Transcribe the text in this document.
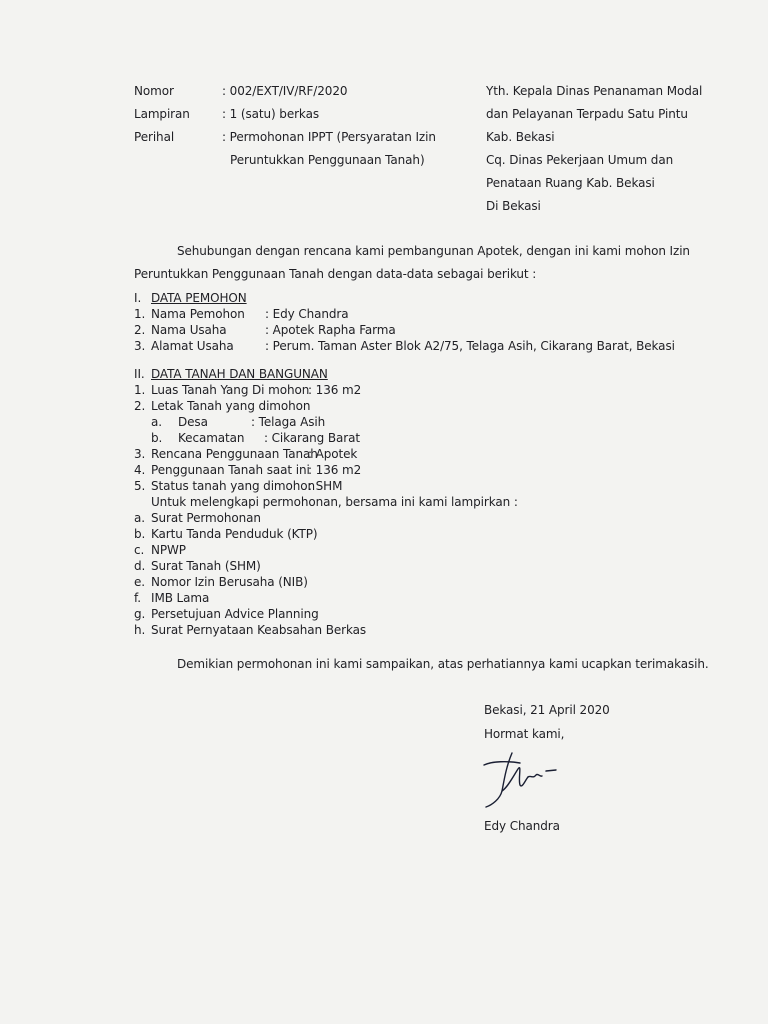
Nomor	: 002/EXT/IV/RF/2020
Lampiran	: 1 (satu) berkas
Perihal	: Permohonan IPPT (Persyaratan Izin
Peruntukkan Penggunaan Tanah)
Yth. Kepala Dinas Penanaman Modal
dan Pelayanan Terpadu Satu Pintu
Kab. Bekasi
Cq. Dinas Pekerjaan Umum dan
Penataan Ruang Kab. Bekasi
Di Bekasi
Sehubungan dengan rencana kami pembangunan Apotek, dengan ini kami mohon Izin
Peruntukkan Penggunaan Tanah dengan data-data sebagai berikut :
I. DATA PEMOHON
1. Nama Pemohon : Edy Chandra
2. Nama Usaha	: Apotek Rapha Farma
3. Alamat Usaha	: Perum. Taman Aster Blok A2/75, Telaga Asih, Cikarang Barat, Bekasi
II. DATA TANAH DAN BANGUNAN
1. Luas Tanah Yang Di mohon
: 136 m2
2. Letak Tanah yang dimohon
a. Desa	: Telaga Asih
b. Kecamatan : Cikarang Barat
3. Rencana Penggunaan Tanah
: Apotek
4. Penggunaan Tanah saat ini
: 136 m2
5. Status tanah yang dimohon
: SHM
Untuk melengkapi permohonan, bersama ini kami lampirkan :
a. Surat Permohonan
b. Kartu Tanda Penduduk (KTP)
c. NPWP
d. Surat Tanah (SHM)
e. Nomor Izin Berusaha (NIB)
f. IMB Lama
g. Persetujuan Advice Planning
h. Surat Pernyataan Keabsahan Berkas
Demikian permohonan ini kami sampaikan, atas perhatiannya kami ucapkan terimakasih.
Bekasi, 21 April 2020
Hormat kami,
Edy Chandra
